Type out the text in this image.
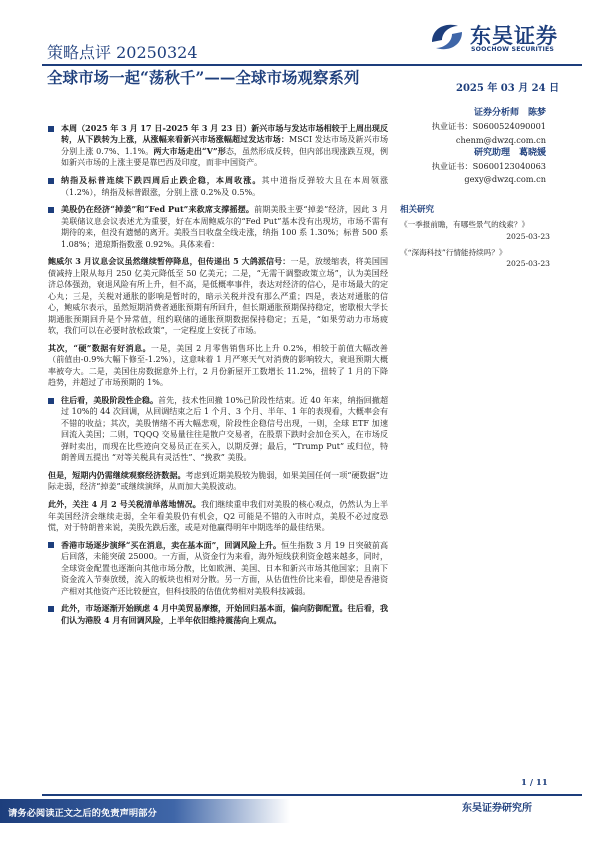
东吴证券
SOOCHOW SECURITIES
策略点评 20250324
全球市场一起“荡秋千”——全球市场观察系列
2025 年 03 月 24 日
证券分析师　陈梦
执业证书：S0600524090001
chenm@dwzq.com.cn
研究助理　葛晓媛
执业证书：S0600123040063
gexy@dwzq.com.cn
相关研究
《一季报前瞻，有哪些景气的线索？》
2025-03-23
《“深海科技”行情能持续吗？》
2025-03-23
本周（2025 年 3 月 17 日-2025 年 3 月 23 日）新兴市场与发达市场相较于上周出现反转，从下跌转为上涨，从涨幅来看新兴市场涨幅超过发达市场：MSCI 发达市场及新兴市场分别上涨 0.7%、1.1%。两大市场走出“V”形态，虽然形成反转，但内部出现涨跌互现，例如新兴市场的上涨主要是靠巴西及印度，而非中国资产。
纳指及标普连续下跌四周后止跌企稳，本周收涨。其中道指反弹较大且在本周领涨（1.2%），纳指及标普跟涨，分别上涨 0.2%及 0.5%。
美股仍在经济“掉姜”和“Fed Put”来救席支撑摇摆。前期美股主要“掉姜”经济，因此 3 月美联储议息会议表述尤为重要，好在本周鲍威尔的“Fed Put”基本没有出现坊，市场不需有期待的来，但没有遗憾的离开。美股当日收盘全线走涨，纳指 100 系 1.30%；标普 500 系 1.08%；道琼斯指数涨 0.92%。具体来看：
鲍威尔 3 月议息会议虽然继续暂停降息，但传递出 5 大鸽派信号：一是，放缓缩表，将美国国债减持上限从每月 250 亿美元降低至 50 亿美元；二是，“无需干调整政策立场”，认为美国经济总体强劲，衰退风险有所上升，但不高，是低概率事件，表达对经济的信心，是市场最大的定心丸；三是，关税对通胀的影响是暂时的，暗示关税并没有那么严重；四是，表达对通胀的信心，鲍威尔表示，虽然短期消费者通胀预期有所回升，但长期通胀预期保持稳定，密歇根大学长期通胀预期回升是个异常值，纽约联储的通胀预期数据保持稳定；五是，“如果劳动力市场疲软，我们可以在必要时放松政策”，一定程度上安抚了市场。
其次，“硬”数据有好消息。一是，美国 2 月零售销售环比上升 0.2%，相较于前值大幅改善（前值由-0.9%大幅下修至-1.2%），这意味着 1 月严寒天气对消费的影响较大，衰退预期大概率被夸大。二是，美国住房数据意外上行，2 月份新屋开工数增长 11.2%，扭转了 1 月的下降趋势，并超过了市场预期的 1%。
往后看，美股阶段性企稳。首先，技术性回撤 10%已阶段性结束。近 40 年来，纳指回撤超过 10%的 44 次回调，从回调结束之后 1 个月、3 个月、半年、1 年的表现看，大概率会有不错的收益；其次，美股情绪不再大幅悲观，阶段性企稳信号出现，一则，全球 ETF 加速回流入美国；二则，TQQQ 交易量往往是散户交易者，在股票下跌时会加仓买入，在市场反弹时卖出，而现在比些迹向交易员正在买入，以期反弹；最后，“Trump Put” 或归位，特朗普周五提出 “对等关税具有灵活性”、“挽救” 美股。
但是，短期内仍需继续观察经济数据。考虑到近期美股较为脆弱，如果美国任何一项“硬数据”边际走弱，经济“掉姜”或继续演绎，从而加大美股波动。
此外，关注 4 月 2 号关税清单落地情况。我们继续重申我们对美股的核心观点，仍然认为上半年美国经济会继续走弱，全年看美股仍有机会，Q2 可能是不错的入市时点，美股不必过度恐慌，对于特朗普来说，美股先跌后涨，或是对他赢得明年中期选举的最佳结果。
香港市场逐步演绎“买在消息，卖在基本面”，回调风险上升。恒生指数 3 月 19 日突破前高后回落，未能突破 25000。一方面，从资金行为来看，海外短线获利资金越来越多，同时，全球资金配置也逐渐向其他市场分散，比如欧洲、美国、日本和新兴市场其他国家；且南下资金流入节奏放缓，流入的板块也相对分散。另一方面，从估值性价比来看，即使是香港资产相对其他资产还比较便宜，但科技股的估值优势相对美股科技减弱。
此外，市场逐渐开始顾虑 4 月中美贸易摩擦，开始回归基本面，偏向防御配置。往后看，我们认为港股 4 月有回调风险，上半年依旧维持震荡向上观点。
1 / 11
请务必阅读正文之后的免责声明部分	东吴证券研究所
